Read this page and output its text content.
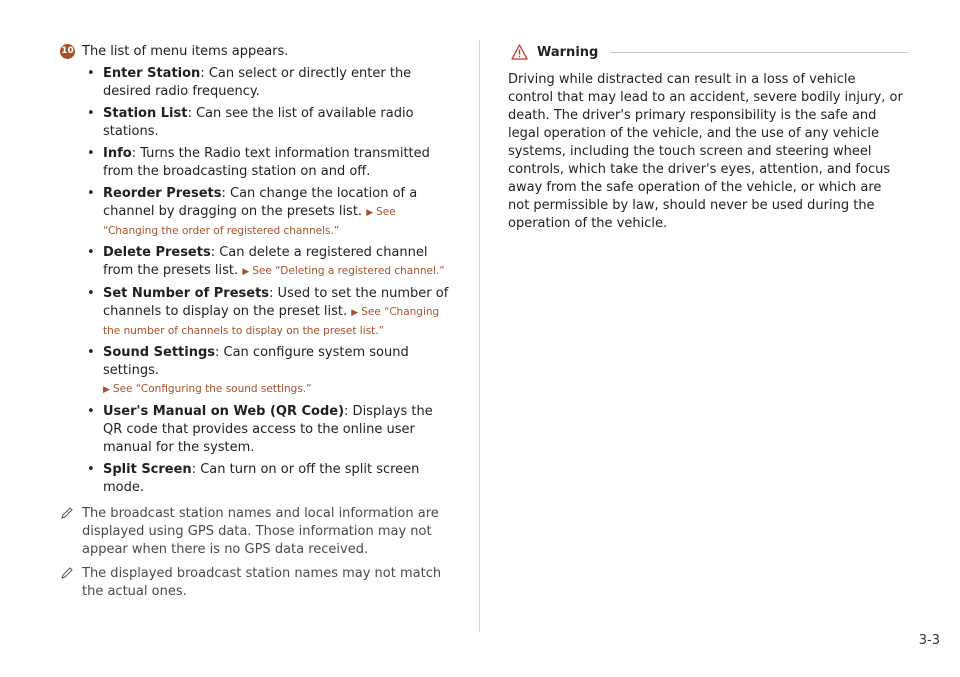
10 The list of menu items appears.
• Enter Station: Can select or directly enter the desired radio frequency.
• Station List: Can see the list of available radio stations.
• Info: Turns the Radio text information transmitted from the broadcasting station on and off.
• Reorder Presets: Can change the location of a channel by dragging on the presets list. ▶ See “Changing the order of registered channels.”
• Delete Presets: Can delete a registered channel from the presets list. ▶ See “Deleting a registered channel.”
• Set Number of Presets: Used to set the number of channels to display on the preset list. ▶ See “Changing the number of channels to display on the preset list.”
• Sound Settings: Can configure system sound settings.
▶ See “Configuring the sound settings.”
• User's Manual on Web (QR Code): Displays the QR code that provides access to the online user manual for the system.
• Split Screen: Can turn on or off the split screen mode.
The broadcast station names and local information are displayed using GPS data. Those information may not appear when there is no GPS data received.
The displayed broadcast station names may not match the actual ones.
Warning
Driving while distracted can result in a loss of vehicle control that may lead to an accident, severe bodily injury, or death. The driver's primary responsibility is the safe and legal operation of the vehicle, and the use of any vehicle systems, including the touch screen and steering wheel controls, which take the driver's eyes, attention, and focus away from the safe operation of the vehicle, or which are not permissible by law, should never be used during the operation of the vehicle.
3-3
